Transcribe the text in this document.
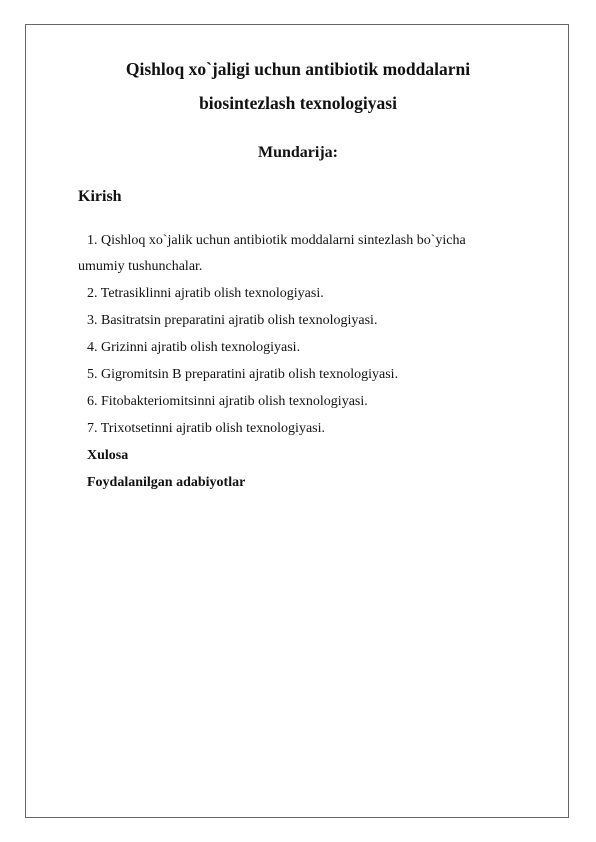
Qishloq xo`jaligi uchun antibiotik moddalarni
biosintezlash texnologiyasi
Mundarija:
Kirish
1. Qishloq xo`jalik uchun antibiotik moddalarni sintezlash bo`yicha
umumiy tushunchalar.
2. Tetrasiklinni ajratib olish texnologiyasi.
3. Basitratsin preparatini ajratib olish texnologiyasi.
4. Grizinni ajratib olish texnologiyasi.
5. Gigromitsin B preparatini ajratib olish texnologiyasi.
6. Fitobakteriomitsinni ajratib olish texnologiyasi.
7. Trixotsetinni ajratib olish texnologiyasi.
Xulosa
Foydalanilgan adabiyotlar
